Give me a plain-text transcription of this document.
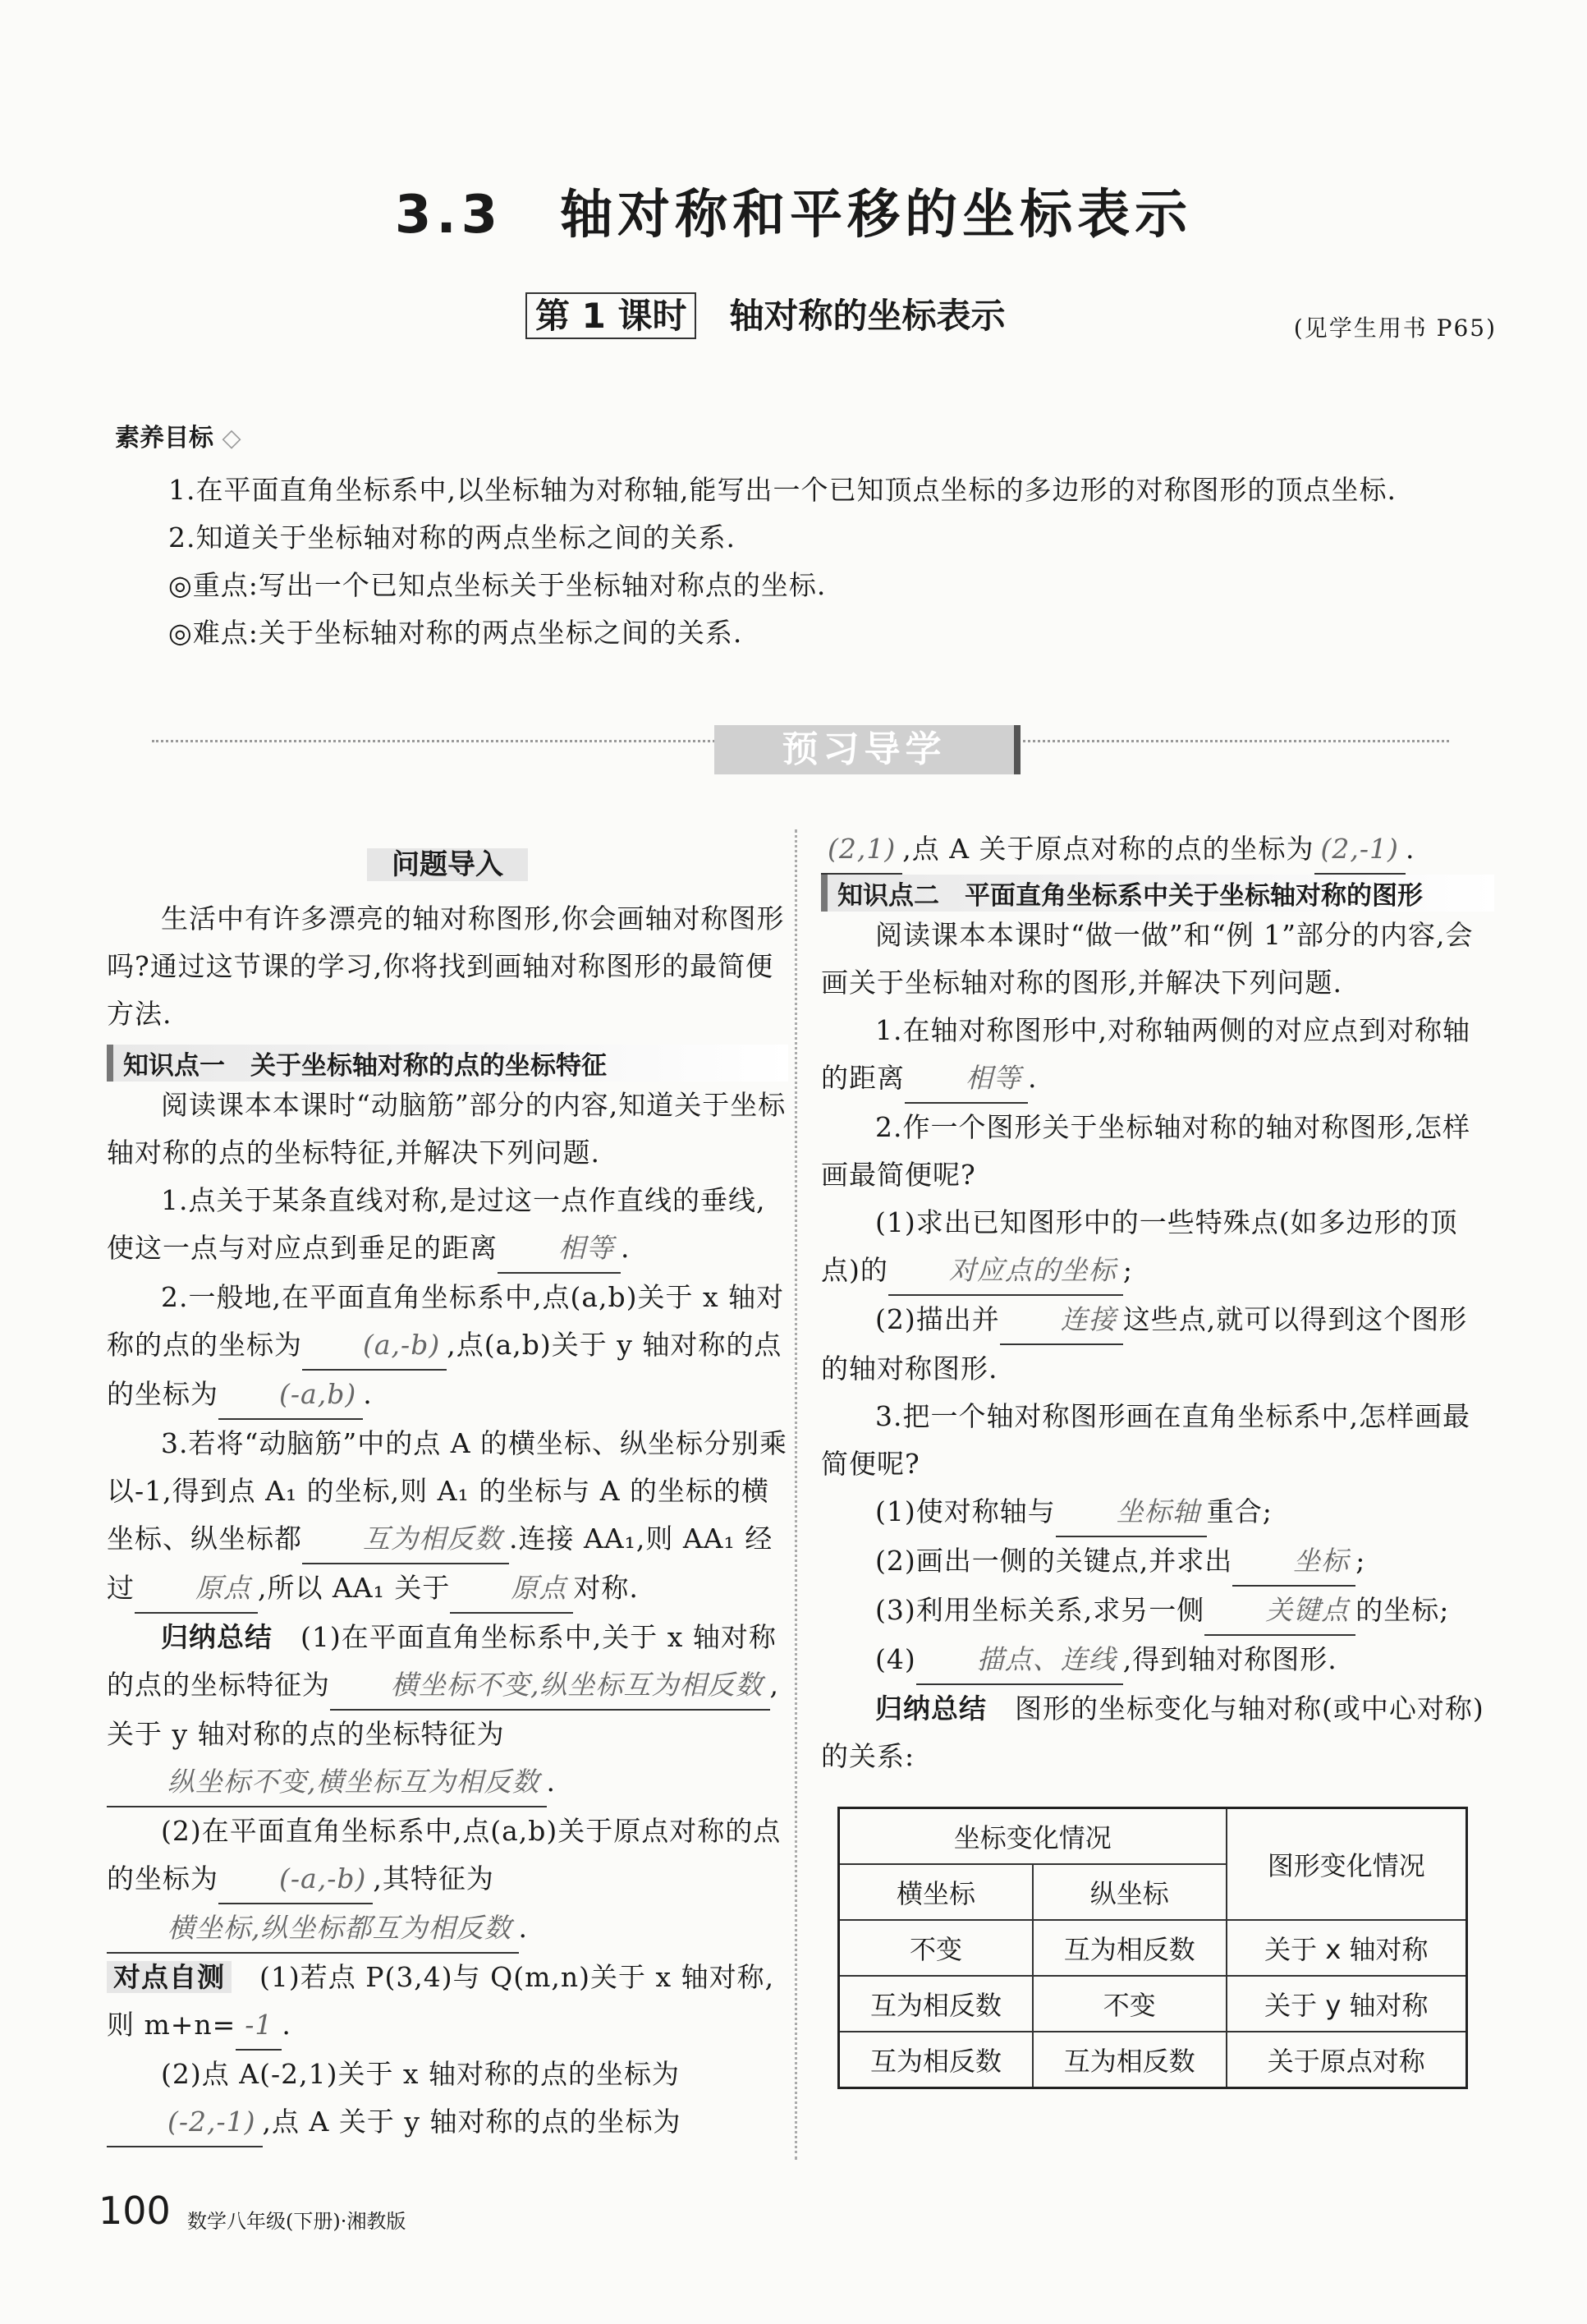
3.3　轴对称和平移的坐标表示
第 1 课时 轴对称的坐标表示	(见学生用书 P65)
素养目标 ◇
1.在平面直角坐标系中,以坐标轴为对称轴,能写出一个已知顶点坐标的多边形的对称图形的顶点坐标.
2.知道关于坐标轴对称的两点坐标之间的关系.
◎重点:写出一个已知点坐标关于坐标轴对称点的坐标.
◎难点:关于坐标轴对称的两点坐标之间的关系.
预习导学
问题导入
生活中有许多漂亮的轴对称图形,你会画轴对称图形吗?通过这节课的学习,你将找到画轴对称图形的最简便方法.
知识点一　关于坐标轴对称的点的坐标特征
阅读课本本课时“动脑筋”部分的内容,知道关于坐标轴对称的点的坐标特征,并解决下列问题.
1.点关于某条直线对称,是过这一点作直线的垂线,使这一点与对应点到垂足的距离 相等 .
2.一般地,在平面直角坐标系中,点(a,b)关于 x 轴对称的点的坐标为 (a,-b) ,点(a,b)关于 y 轴对称的点的坐标为 (-a,b) .
3.若将“动脑筋”中的点 A 的横坐标、纵坐标分别乘以-1,得到点 A₁ 的坐标,则 A₁ 的坐标与 A 的坐标的横坐标、纵坐标都 互为相反数 .连接 AA₁,则 AA₁ 经过 原点 ,所以 AA₁ 关于 原点 对称.
归纳总结　 (1)在平面直角坐标系中,关于 x 轴对称的点的坐标特征为 横坐标不变,纵坐标互为相反数 ,关于 y 轴对称的点的坐标特征为纵坐标不变,横坐标互为相反数 .
(2)在平面直角坐标系中,点(a,b)关于原点对称的点的坐标为 (-a,-b) ,其特征为横坐标,纵坐标都互为相反数 .
对点自测　 (1)若点 P(3,4)与 Q(m,n)关于 x 轴对称,则 m+n= -1 .
(2)点 A(-2,1)关于 x 轴对称的点的坐标为(-2,-1) ,点 A 关于 y 轴对称的点的坐标为
(2,1) ,点 A 关于原点对称的点的坐标为 (2,-1) .
知识点二　平面直角坐标系中关于坐标轴对称的图形
阅读课本本课时“做一做”和“例 1”部分的内容,会画关于坐标轴对称的图形,并解决下列问题.
1.在轴对称图形中,对称轴两侧的对应点到对称轴的距离 相等 .
2.作一个图形关于坐标轴对称的轴对称图形,怎样画最简便呢?
(1)求出已知图形中的一些特殊点(如多边形的顶点)的 对应点的坐标 ;
(2)描出并 连接 这些点,就可以得到这个图形的轴对称图形.
3.把一个轴对称图形画在直角坐标系中,怎样画最简便呢?
(1)使对称轴与 坐标轴 重合;
(2)画出一侧的关键点,并求出 坐标 ;
(3)利用坐标关系,求另一侧 关键点 的坐标;
(4) 描点、连线 ,得到轴对称图形.
归纳总结　 图形的坐标变化与轴对称(或中心对称)的关系:
坐标变化情况		图形变化情况
横坐标	纵坐标	
不变	互为相反数	关于 x 轴对称
互为相反数	不变	关于 y 轴对称
互为相反数	互为相反数	关于原点对称
100 数学八年级(下册)·湘教版
